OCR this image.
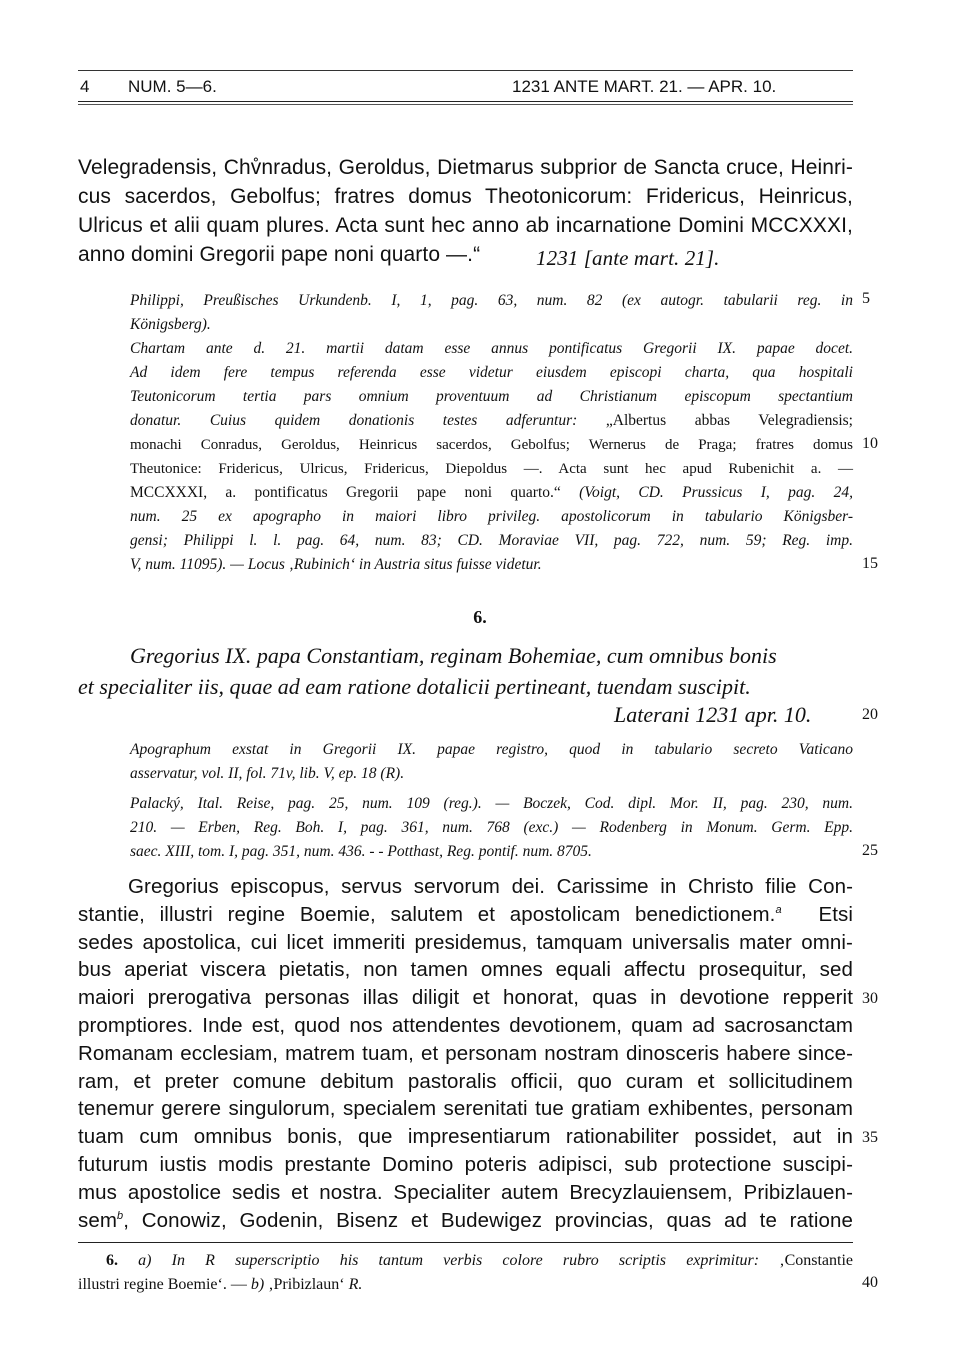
4 NUM. 5—6.	1231 ANTE MART. 21. — APR. 10.

Velegradensis, Chv̊nradus, Geroldus, Dietmarus subprior de Sancta cruce, Heinri-

cus sacerdos, Gebolfus; fratres domus Theotonicorum: Fridericus, Heinricus,

Ulricus et alii quam plures. Acta sunt hec anno ab incarnatione Domini MCCXXXI,

anno domini Gregorii pape noni quarto —.“	1231 [ante mart. 21].

Philippi, Preußisches Urkundenb. I, 1, pag. 63, num. 82 (ex autogr. tabularii reg. in

Königsberg).

Chartam ante d. 21. martii datam esse annus pontificatus Gregorii IX. papae docet.

Ad idem fere tempus referenda esse videtur eiusdem episcopi charta, qua hospitali

Teutonicorum tertia pars omnium proventuum ad Christianum episcopum spectantium

donatur. Cuius quidem donationis testes adferuntur: „Albertus abbas Velegradiensis;

monachi Conradus, Geroldus, Heinricus sacerdos, Gebolfus; Wernerus de Praga; fratres domus

Theutonice: Fridericus, Ulricus, Fridericus, Diepoldus —. Acta sunt hec apud Rubenichit a. —

MCCXXXI, a. pontificatus Gregorii pape noni quarto.“ (Voigt, CD. Prussicus I, pag. 24,

num. 25 ex apographo in maiori libro privileg. apostolicorum in tabulario Königsber-

gensi; Philippi l. l. pag. 64, num. 83; CD. Moraviae VII, pag. 722, num. 59; Reg. imp.

V, num. 11095). — Locus ‚Rubinich‘ in Austria situs fuisse videtur.

6.

Gregorius IX. papa Constantiam, reginam Bohemiae, cum omnibus bonis

et specialiter iis, quae ad eam ratione dotalicii pertineant, tuendam suscipit.

Laterani 1231 apr. 10.

Apographum exstat in Gregorii IX. papae registro, quod in tabulario secreto Vaticano

asservatur, vol. II, fol. 71v, lib. V, ep. 18 (R).

Palacký, Ital. Reise, pag. 25, num. 109 (reg.). — Boczek, Cod. dipl. Mor. II, pag. 230, num.

210. — Erben, Reg. Boh. I, pag. 361, num. 768 (exc.) — Rodenberg in Monum. Germ. Epp.

saec. XIII, tom. I, pag. 351, num. 436. - - Potthast, Reg. pontif. num. 8705.

Gregorius episcopus, servus servorum dei. Carissime in Christo filie Con-

stantie, illustri regine Boemie, salutem et apostolicam benedictionem.$^a$ Etsi

sedes apostolica, cui licet immeriti presidemus, tamquam universalis mater omni-

bus aperiat viscera pietatis, non tamen omnes equali affectu prosequitur, sed

maiori prerogativa personas illas diligit et honorat, quas in devotione repperit

promptiores. Inde est, quod nos attendentes devotionem, quam ad sacrosanctam

Romanam ecclesiam, matrem tuam, et personam nostram dinosceris habere sincе-

ram, et preter comune debitum pastoralis officii, quo curam et sollicitudinem

tenemur gerere singulorum, specialem serenitati tue gratiam exhibentes, personam

tuam cum omnibus bonis, que impresentiarum rationabiliter possidet, aut in

futurum iustis modis prestante Domino poteris adipisci, sub protectione suscipi-

mus apostolice sedis et nostra. Specialiter autem Brecyzlauiensem, Pribizlauen-

sem$^b$, Conowiz, Godenin, Bisenz et Budewigez provincias, quas ad te ratione

6. a) In R superscriptio his tantum verbis colore rubro scriptis exprimitur: ‚Constantie

illustri regine Boemie‘. — b) ‚Pribizlaun‘ R.

5
10
15
20
25
30
35
40
